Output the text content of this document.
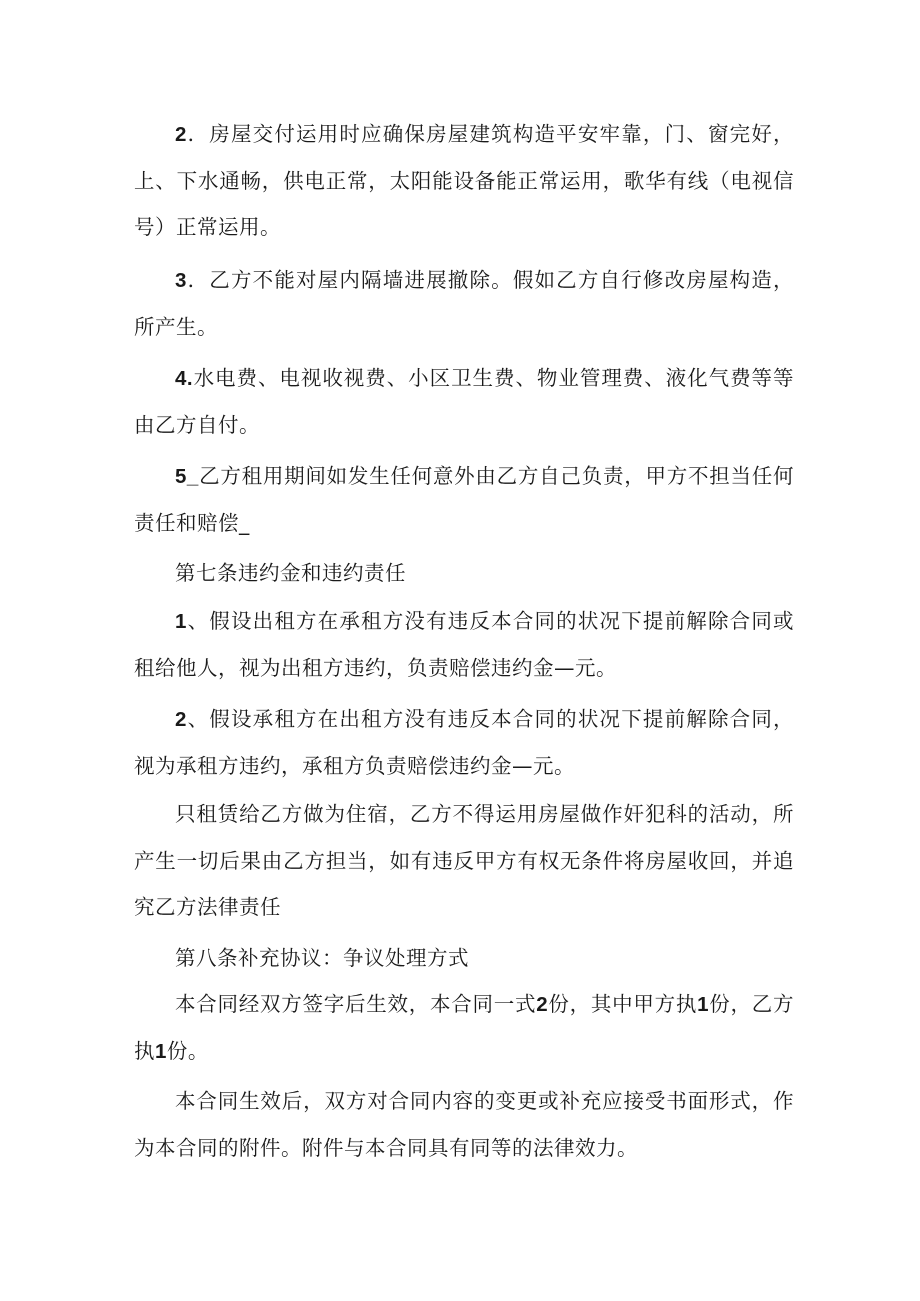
2．房屋交付运用时应确保房屋建筑构造平安牢靠，门、窗完好，上、下水通畅，供电正常，太阳能设备能正常运用，歌华有线（电视信号）正常运用。

3．乙方不能对屋内隔墙进展撤除。假如乙方自行修改房屋构造，所产生。

4.水电费、电视收视费、小区卫生费、物业管理费、液化气费等等由乙方自付。

5_乙方租用期间如发生任何意外由乙方自己负责，甲方不担当任何责任和赔偿_

第七条违约金和违约责任

1、假设出租方在承租方没有违反本合同的状况下提前解除合同或租给他人，视为出租方违约，负责赔偿违约金—元。

2、假设承租方在出租方没有违反本合同的状况下提前解除合同，视为承租方违约，承租方负责赔偿违约金—元。

只租赁给乙方做为住宿，乙方不得运用房屋做作奸犯科的活动，所产生一切后果由乙方担当，如有违反甲方有权无条件将房屋收回，并追究乙方法律责任

第八条补充协议：争议处理方式

本合同经双方签字后生效，本合同一式2份，其中甲方执1份，乙方执1份。

本合同生效后，双方对合同内容的变更或补充应接受书面形式，作为本合同的附件。附件与本合同具有同等的法律效力。
